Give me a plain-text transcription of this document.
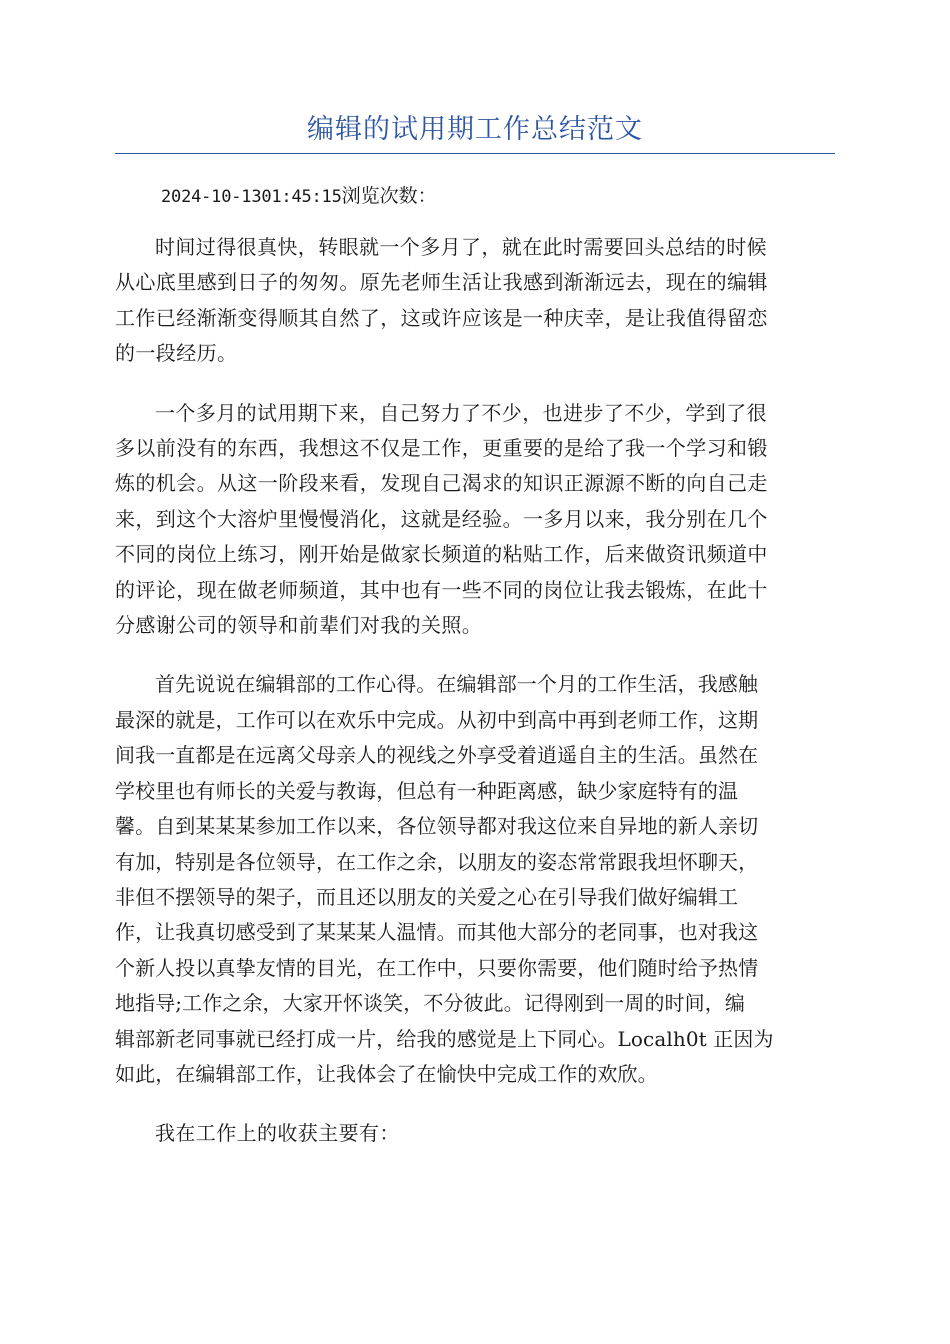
编辑的试用期工作总结范文
2024-10-1301:45:15浏览次数：

时间过得很真快，转眼就一个多月了，就在此时需要回头总结的时候
从心底里感到日子的匆匆。原先老师生活让我感到渐渐远去，现在的编辑
工作已经渐渐变得顺其自然了，这或许应该是一种庆幸，是让我值得留恋
的一段经历。

一个多月的试用期下来，自己努力了不少，也进步了不少，学到了很
多以前没有的东西，我想这不仅是工作，更重要的是给了我一个学习和锻
炼的机会。从这一阶段来看，发现自己渴求的知识正源源不断的向自己走
来，到这个大溶炉里慢慢消化，这就是经验。一多月以来，我分别在几个
不同的岗位上练习，刚开始是做家长频道的粘贴工作，后来做资讯频道中
的评论，现在做老师频道，其中也有一些不同的岗位让我去锻炼，在此十
分感谢公司的领导和前辈们对我的关照。

首先说说在编辑部的工作心得。在编辑部一个月的工作生活，我感触
最深的就是，工作可以在欢乐中完成。从初中到高中再到老师工作，这期
间我一直都是在远离父母亲人的视线之外享受着逍遥自主的生活。虽然在
学校里也有师长的关爱与教诲，但总有一种距离感，缺少家庭特有的温
馨。自到某某某参加工作以来，各位领导都对我这位来自异地的新人亲切
有加，特别是各位领导，在工作之余，以朋友的姿态常常跟我坦怀聊天，
非但不摆领导的架子，而且还以朋友的关爱之心在引导我们做好编辑工
作，让我真切感受到了某某某人温情。而其他大部分的老同事，也对我这
个新人投以真挚友情的目光，在工作中，只要你需要，他们随时给予热情
地指导;工作之余，大家开怀谈笑，不分彼此。记得刚到一周的时间，编
辑部新老同事就已经打成一片，给我的感觉是上下同心。Localh0t 正因为
如此，在编辑部工作，让我体会了在愉快中完成工作的欢欣。

我在工作上的收获主要有：
